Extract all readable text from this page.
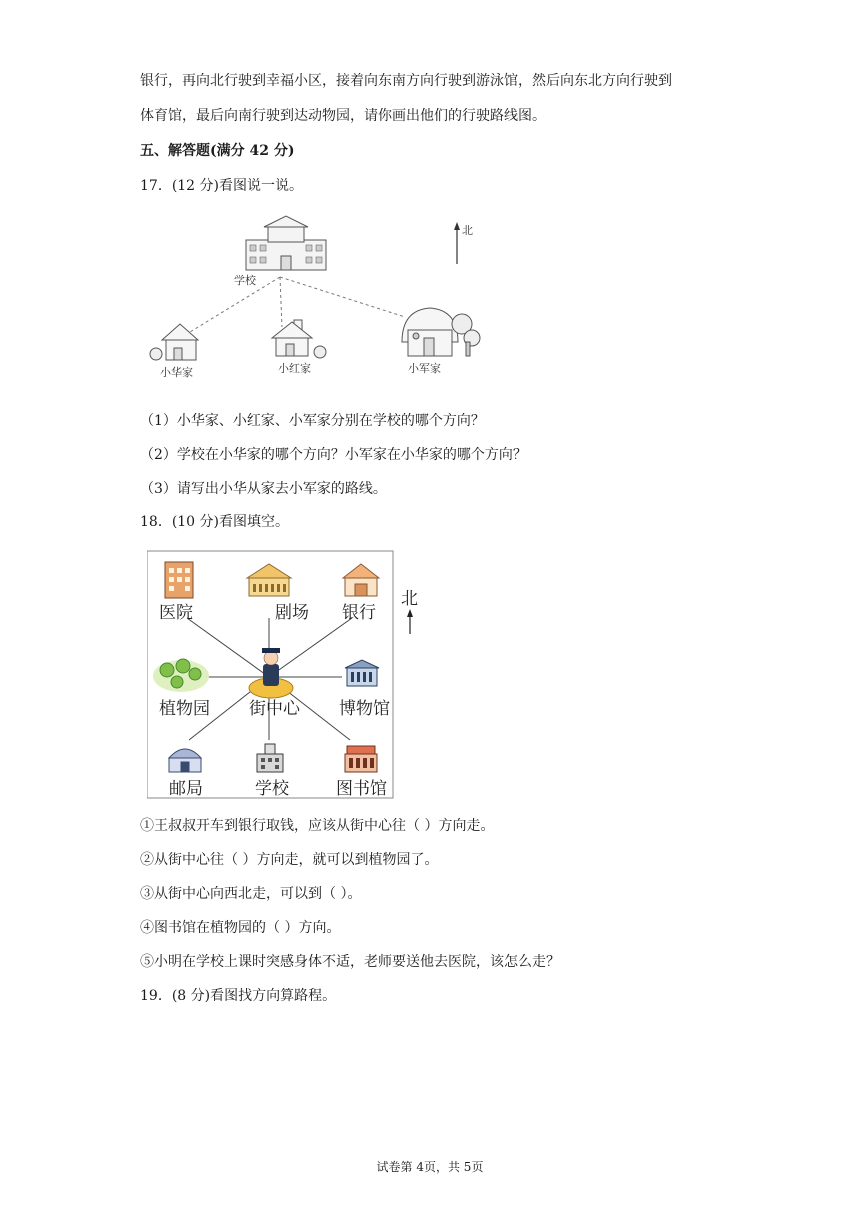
银行，再向北行驶到幸福小区，接着向东南方向行驶到游泳馆，然后向东北方向行驶到
体育馆，最后向南行驶到达动物园，请你画出他们的行驶路线图。
五、解答题(满分 42 分)
17．(12 分)看图说一说。
学校
北
小华家	小红家	小军家
（1）小华家、小红家、小军家分别在学校的哪个方向？
（2）学校在小华家的哪个方向？小军家在小华家的哪个方向？
（3）请写出小华从家去小军家的路线。
18．(10 分)看图填空。
医院	剧场 银行
北
植物园 街中心 博物馆
邮局	学校	图书馆
①王叔叔开车到银行取钱，应该从街中心往（ ）方向走。
②从街中心往（ ）方向走，就可以到植物园了。
③从街中心向西北走，可以到（ ）。
④图书馆在植物园的（ ）方向。
⑤小明在学校上课时突感身体不适，老师要送他去医院，该怎么走？
19．(8 分)看图找方向算路程。
试卷第 4页，共 5页
